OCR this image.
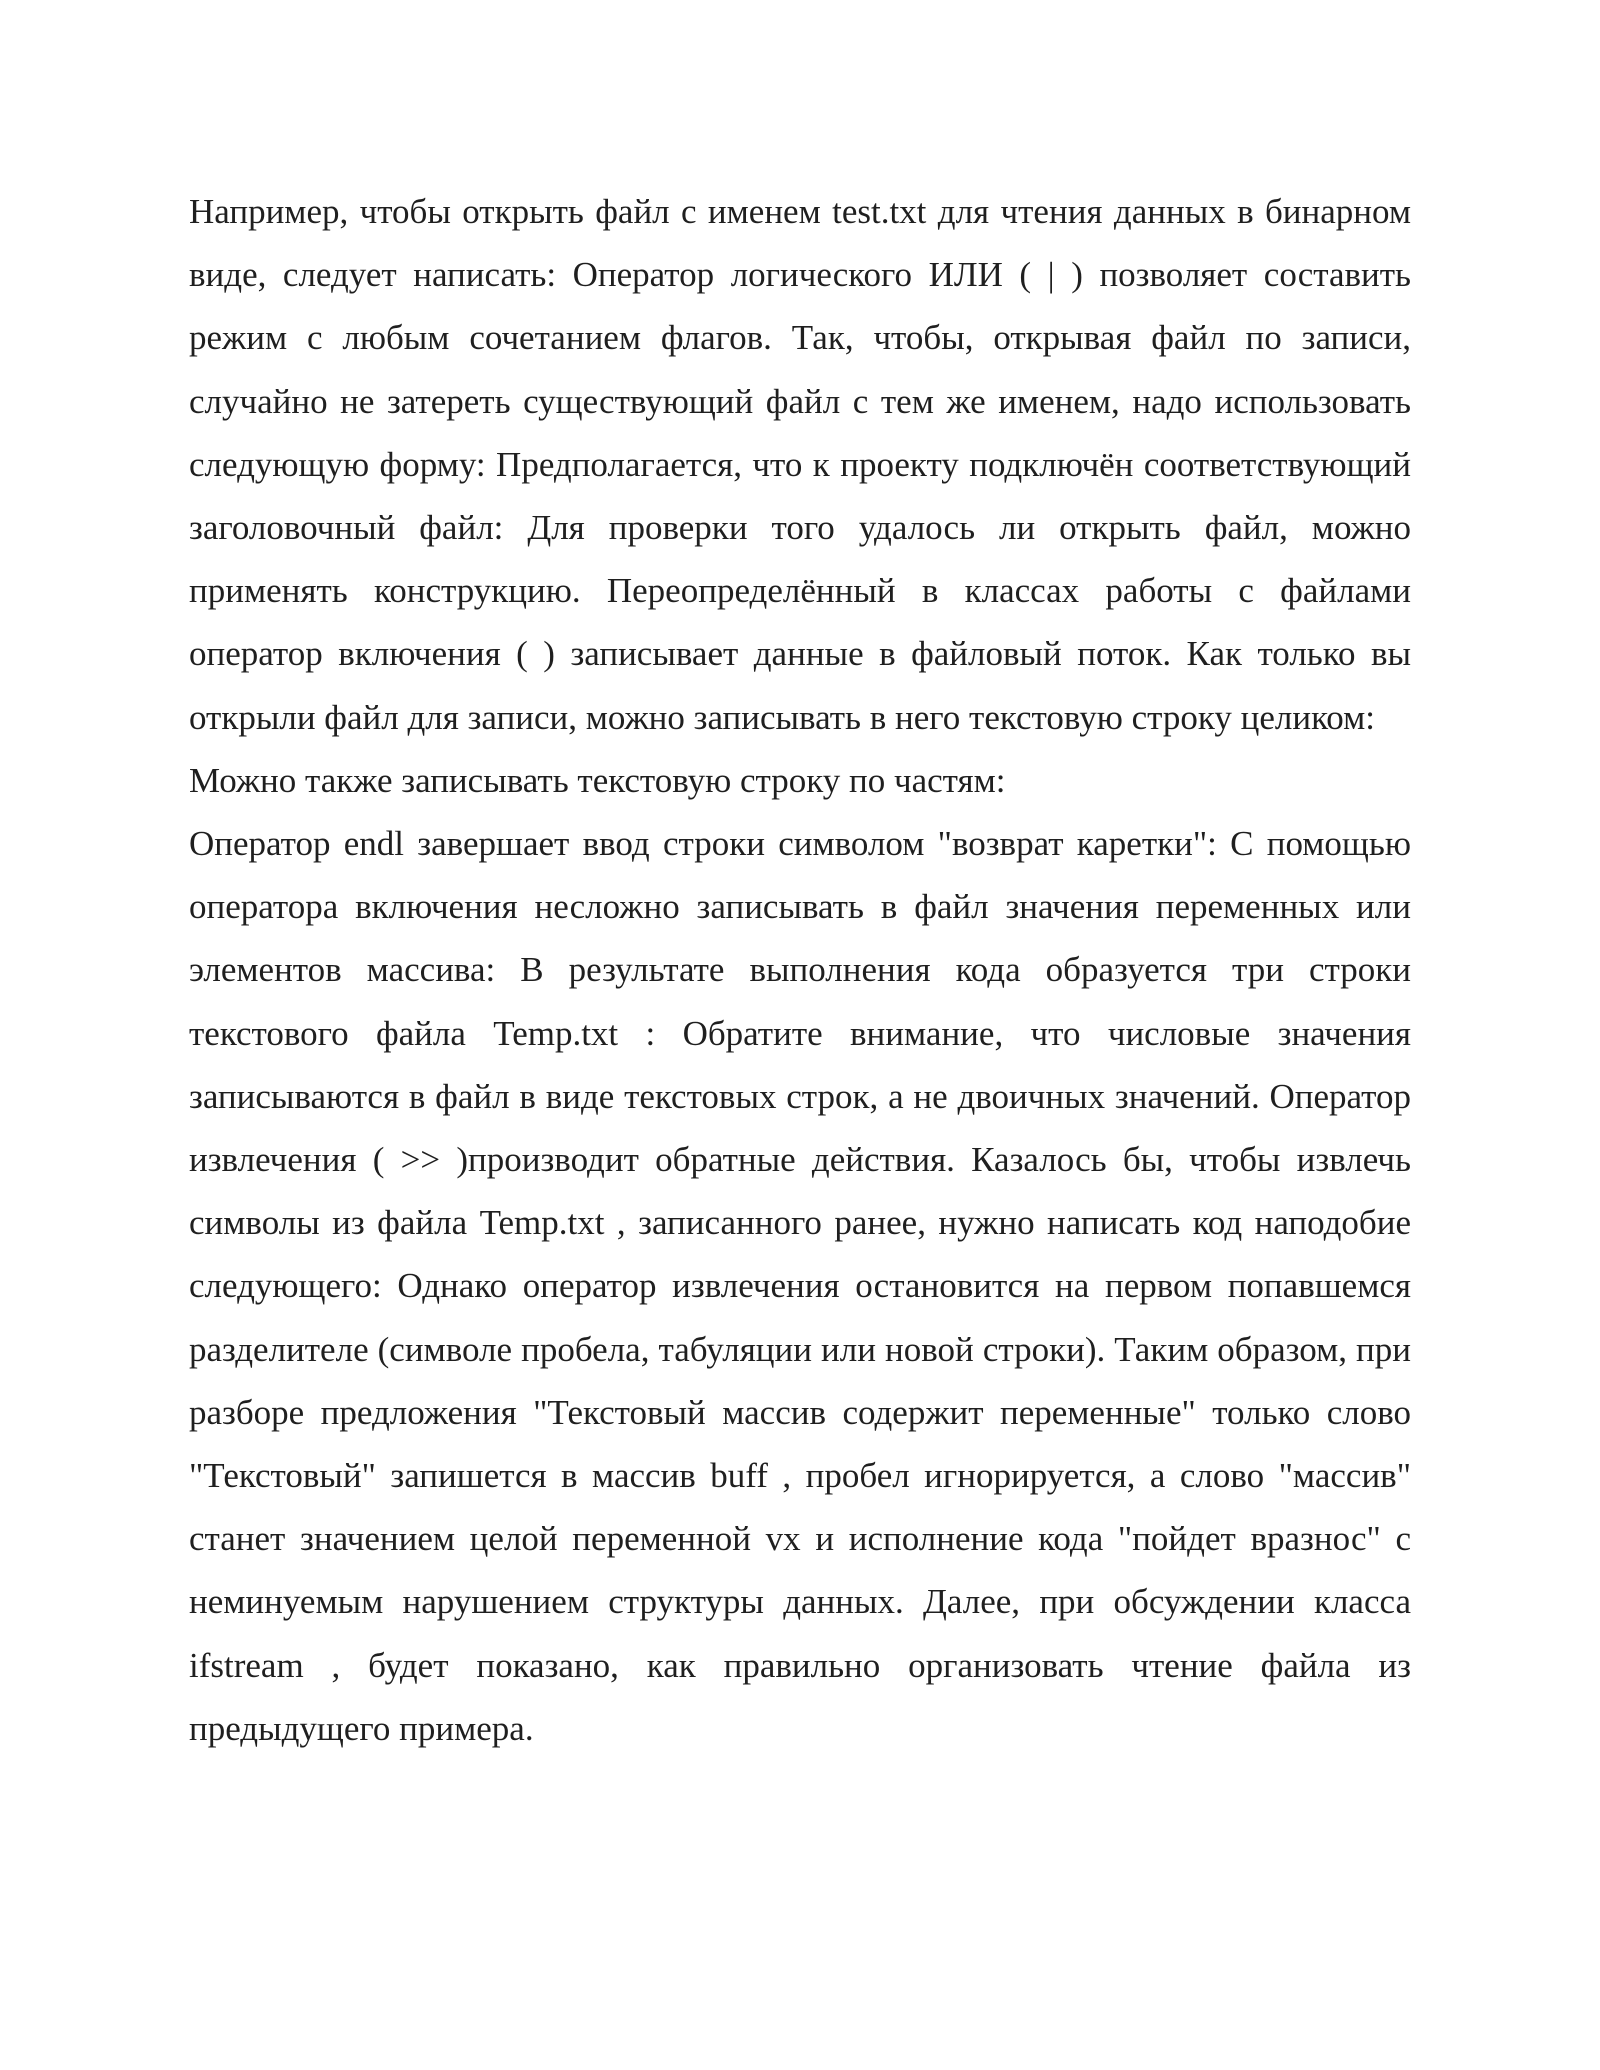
Например, чтобы открыть файл с именем test.txt для чтения данных в бинарном виде, следует написать: Оператор логического ИЛИ ( | ) позволяет составить режим с любым сочетанием флагов. Так, чтобы, открывая файл по записи, случайно не затереть существующий файл с тем же именем, надо использовать следующую форму: Предполагается, что к проекту подключён соответствующий заголовочный файл: Для проверки того удалось ли открыть файл, можно применять конструкцию. Переопределённый в классах работы с файлами оператор включения ( ) записывает данные в файловый поток. Как только вы открыли файл для записи, можно записывать в него текстовую строку целиком:

Можно также записывать текстовую строку по частям:

Оператор endl завершает ввод строки символом "возврат каретки": С помощью оператора включения несложно записывать в файл значения переменных или элементов массива: В результате выполнения кода образуется три строки текстового файла Temp.txt : Обратите внимание, что числовые значения записываются в файл в виде текстовых строк, а не двоичных значений. Оператор извлечения ( >> )производит обратные действия. Казалось бы, чтобы извлечь символы из файла Temp.txt , записанного ранее, нужно написать код наподобие следующего: Однако оператор извлечения остановится на первом попавшемся разделителе (символе пробела, табуляции или новой строки). Таким образом, при разборе предложения "Текстовый массив содержит переменные" только слово "Текстовый" запишется в массив buff , пробел игнорируется, а слово "массив" станет значением целой переменной vx и исполнение кода "пойдет вразнос" с неминуемым нарушением структуры данных. Далее, при обсуждении класса ifstream , будет показано, как правильно организовать чтение файла из предыдущего примера.
